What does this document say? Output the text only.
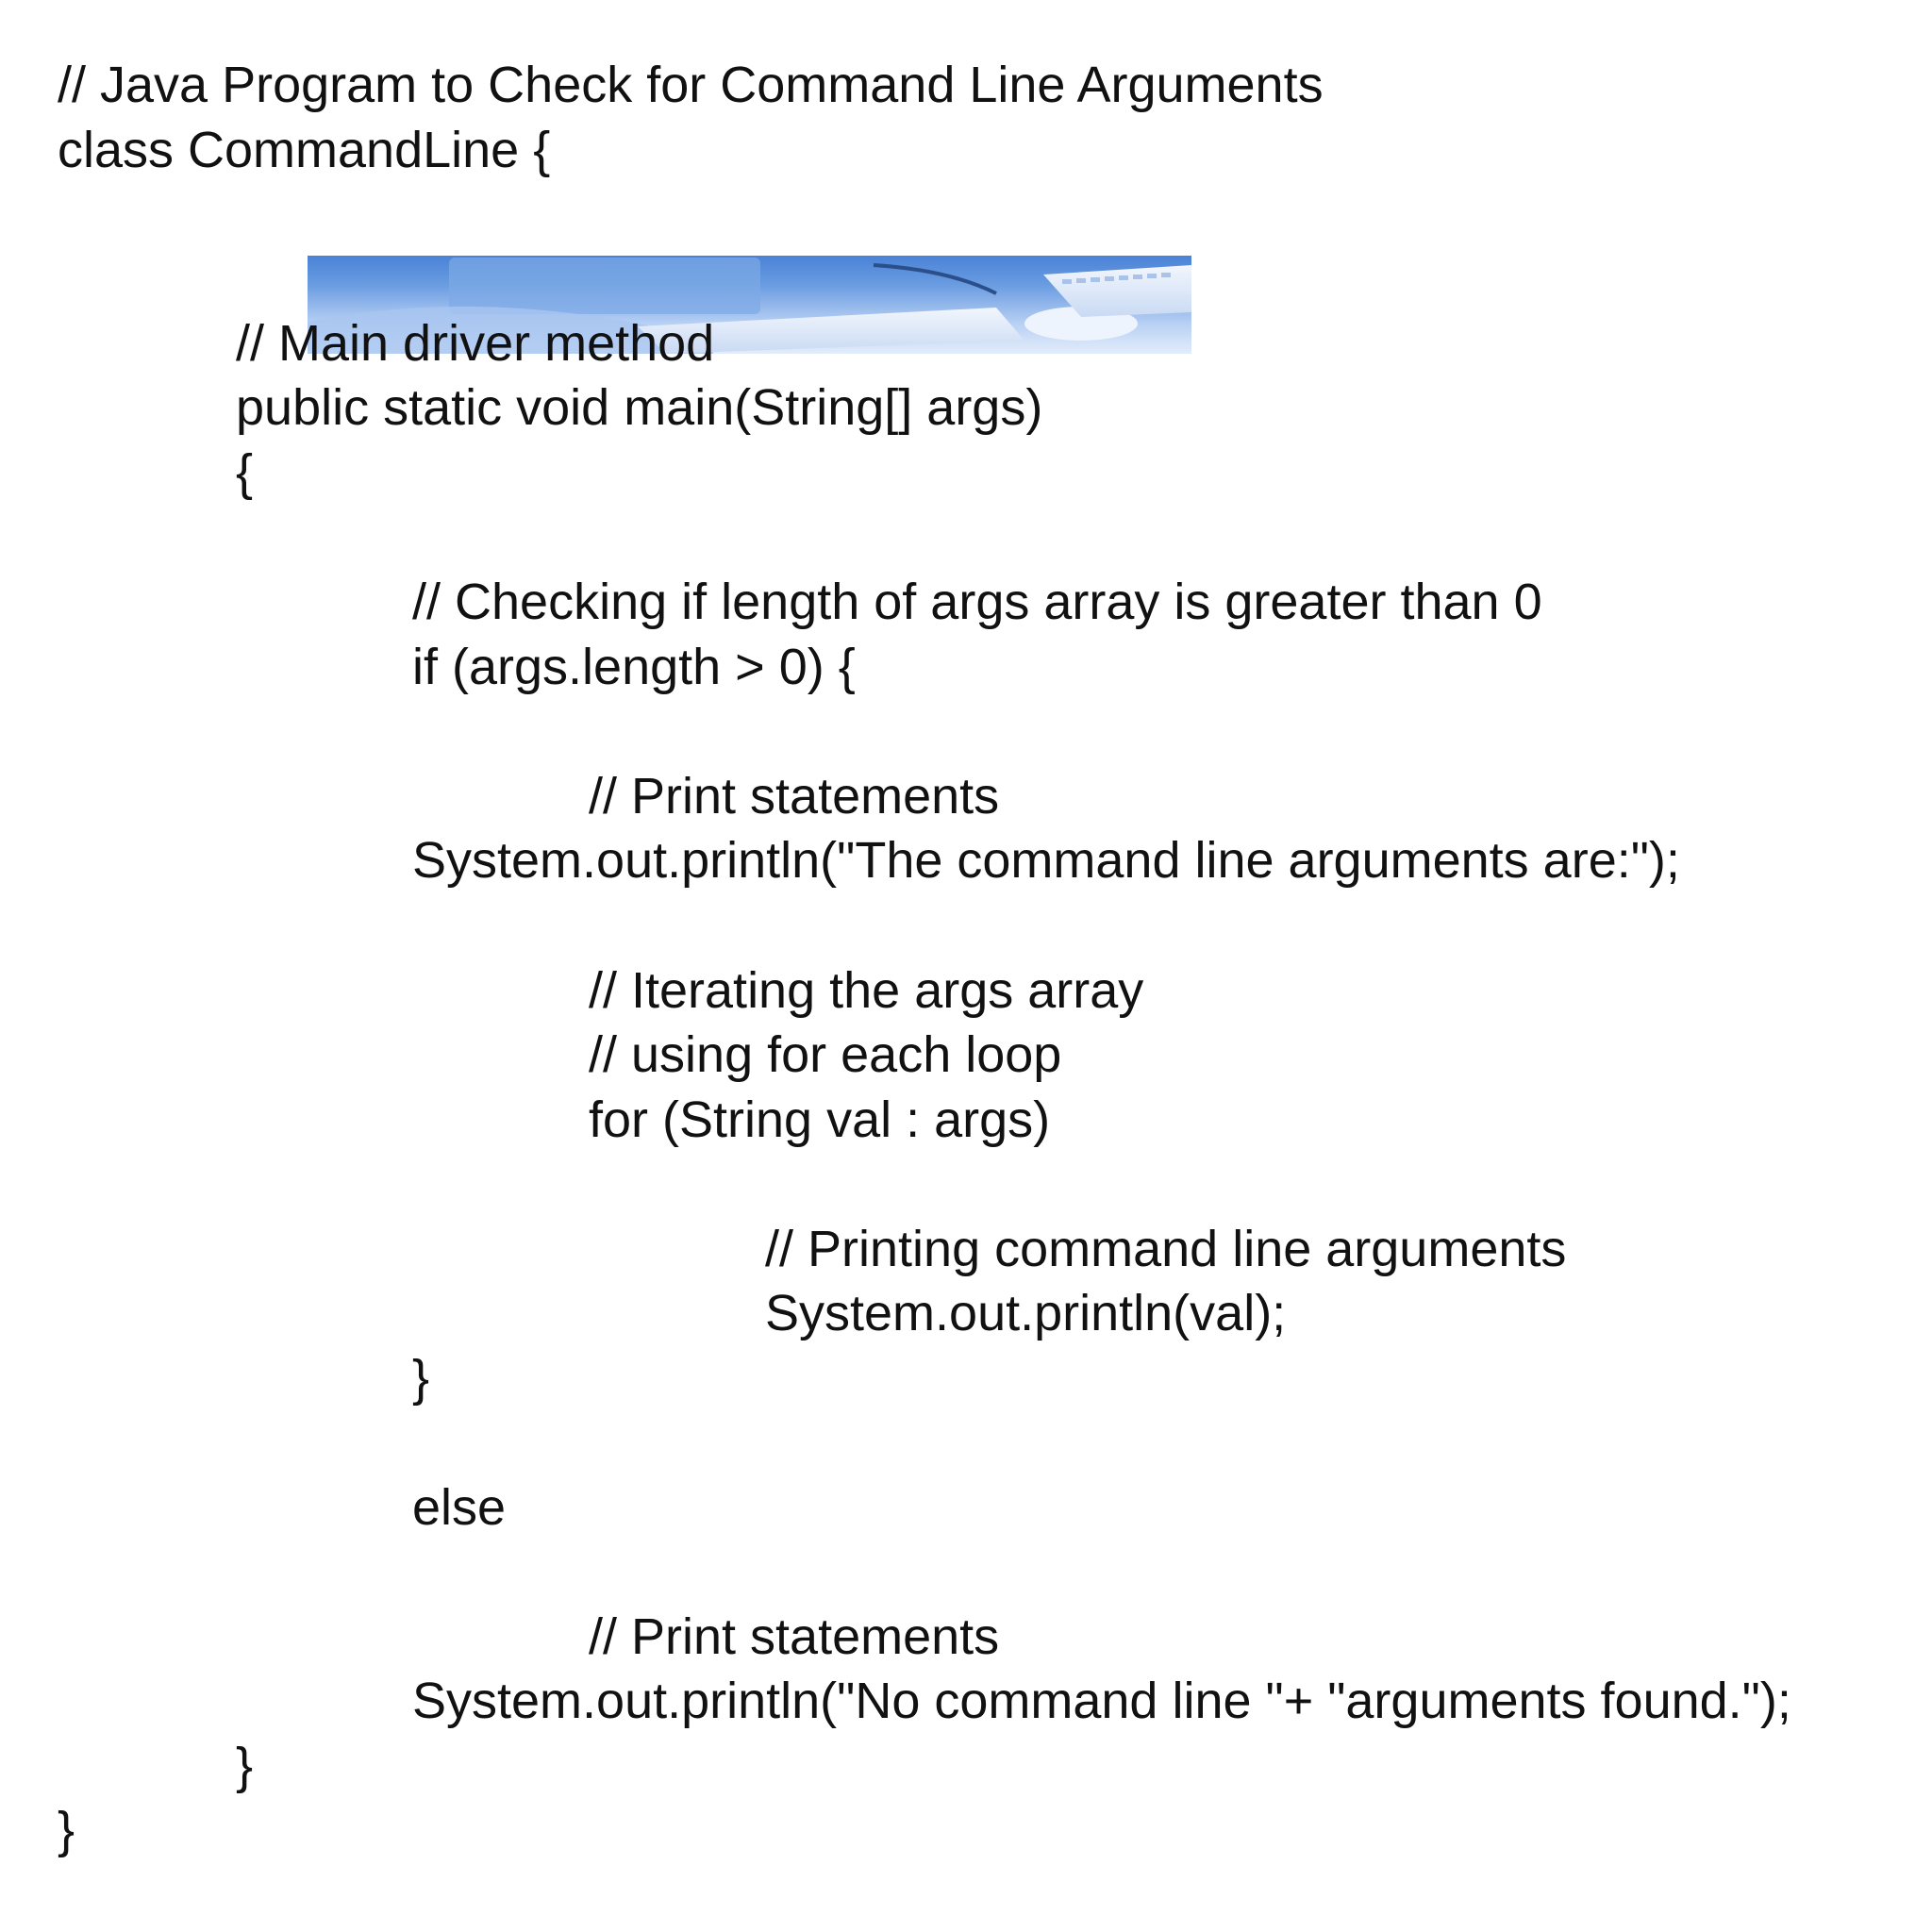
// Java Program to Check for Command Line Arguments

class CommandLine {

// Main driver method

public static void main(String[] args)

{

// Checking if length of args array is greater than 0

if (args.length > 0) {

// Print statements

System.out.println("The command line arguments are:");

// Iterating the args array

// using for each loop

for (String val : args)

// Printing command line arguments

System.out.println(val);

}

else

// Print statements

System.out.println("No command line "+ "arguments found.");

}

}
